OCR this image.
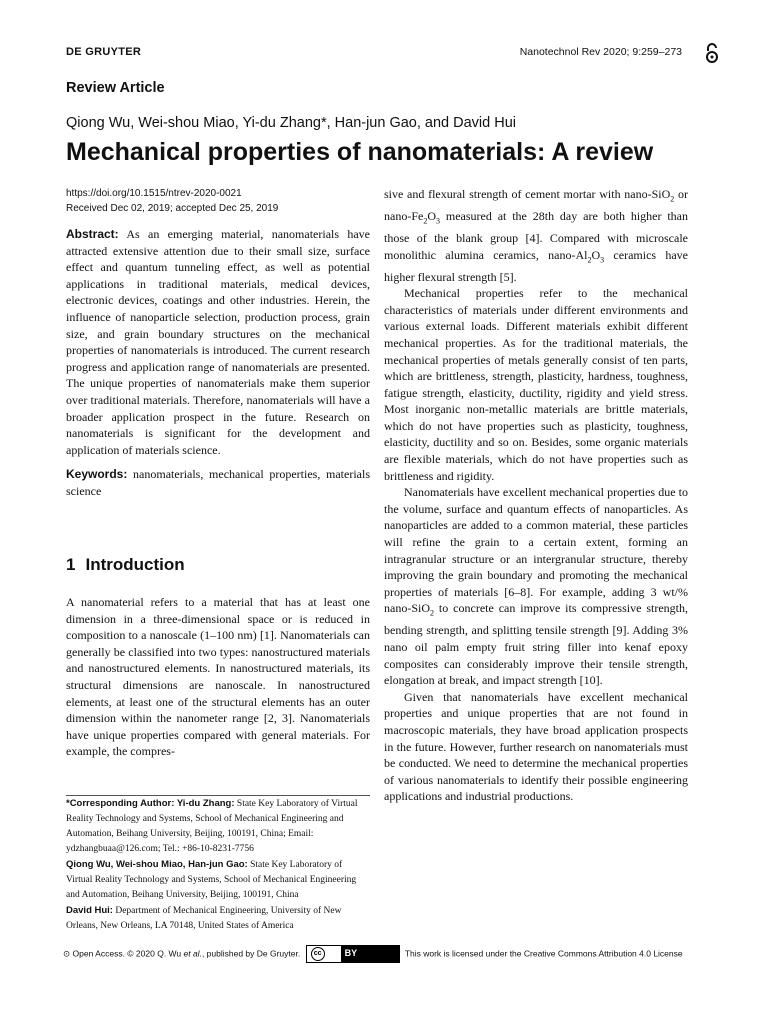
DE GRUYTER	Nanotechnol Rev 2020; 9:259–273
Review Article
Qiong Wu, Wei-shou Miao, Yi-du Zhang*, Han-jun Gao, and David Hui
Mechanical properties of nanomaterials: A review
https://doi.org/10.1515/ntrev-2020-0021
Received Dec 02, 2019; accepted Dec 25, 2019

Abstract: As an emerging material, nanomaterials have attracted extensive attention due to their small size, surface effect and quantum tunneling effect, as well as potential applications in traditional materials, medical devices, electronic devices, coatings and other industries. Herein, the influence of nanoparticle selection, production process, grain size, and grain boundary structures on the mechanical properties of nanomaterials is introduced. The current research progress and application range of nanomaterials are presented. The unique properties of nanomaterials make them superior over traditional materials. Therefore, nanomaterials will have a broader application prospect in the future. Research on nanomaterials is significant for the development and application of materials science.

Keywords: nanomaterials, mechanical properties, materials science

1 Introduction

A nanomaterial refers to a material that has at least one dimension in a three-dimensional space or is reduced in composition to a nanoscale (1–100 nm) [1]. Nanomaterials can generally be classified into two types: nanostructured materials and nanostructured elements. In nanostructured materials, its structural dimensions are nanoscale. In nanostructured elements, at least one of the structural elements has an outer dimension within the nanometer range [2, 3]. Nanomaterials have unique properties compared with general materials. For example, the compres-

sive and flexural strength of cement mortar with nano-SiO$_2$ or nano-$Fe_2O_3$ measured at the 28th day are both higher than those of the blank group [4]. Compared with microscale monolithic alumina ceramics, nano-$Al_2O_3$ ceramics have higher flexural strength [5].

Mechanical properties refer to the mechanical characteristics of materials under different environments and various external loads. Different materials exhibit different mechanical properties. As for the traditional materials, the mechanical properties of metals generally consist of ten parts, which are brittleness, strength, plasticity, hardness, toughness, fatigue strength, elasticity, ductility, rigidity and yield stress. Most inorganic non-metallic materials are brittle materials, which do not have properties such as plasticity, toughness, elasticity, ductility and so on. Besides, some organic materials are flexible materials, which do not have properties such as brittleness and rigidity.

Nanomaterials have excellent mechanical properties due to the volume, surface and quantum effects of nanoparticles. As nanoparticles are added to a common material, these particles will refine the grain to a certain extent, forming an intragranular structure or an intergranular structure, thereby improving the grain boundary and promoting the mechanical properties of materials [6–8]. For example, adding 3 wt/% nano-SiO$_2$ to concrete can improve its compressive strength, bending strength, and splitting tensile strength [9]. Adding 3% nano oil palm empty fruit string filler into kenaf epoxy composites can considerably improve their tensile strength, elongation at break, and impact strength [10].

Given that nanomaterials have excellent mechanical properties and unique properties that are not found in macroscopic materials, they have broad application prospects in the future. However, further research on nanomaterials must be conducted. We need to determine the mechanical properties of various nanomaterials to identify their possible engineering applications and industrial productions.

*Corresponding Author: Yi-du Zhang: State Key Laboratory of Virtual Reality Technology and Systems, School of Mechanical Engineering and Automation, Beihang University, Beijing, 100191, China; Email: ydzhangbuaa@126.com; Tel.: +86-10-8231-7756

Qiong Wu, Wei-shou Miao, Han-jun Gao: State Key Laboratory of Virtual Reality Technology and Systems, School of Mechanical Engineering and Automation, Beihang University, Beijing, 100191, China

David Hui: Department of Mechanical Engineering, University of New Orleans, New Orleans, LA 70148, United States of America

⊙ Open Access. © 2020 Q. Wu et al., published by De Gruyter.	cc	BY	This work is licensed under the Creative Commons Attribution 4.0 License
